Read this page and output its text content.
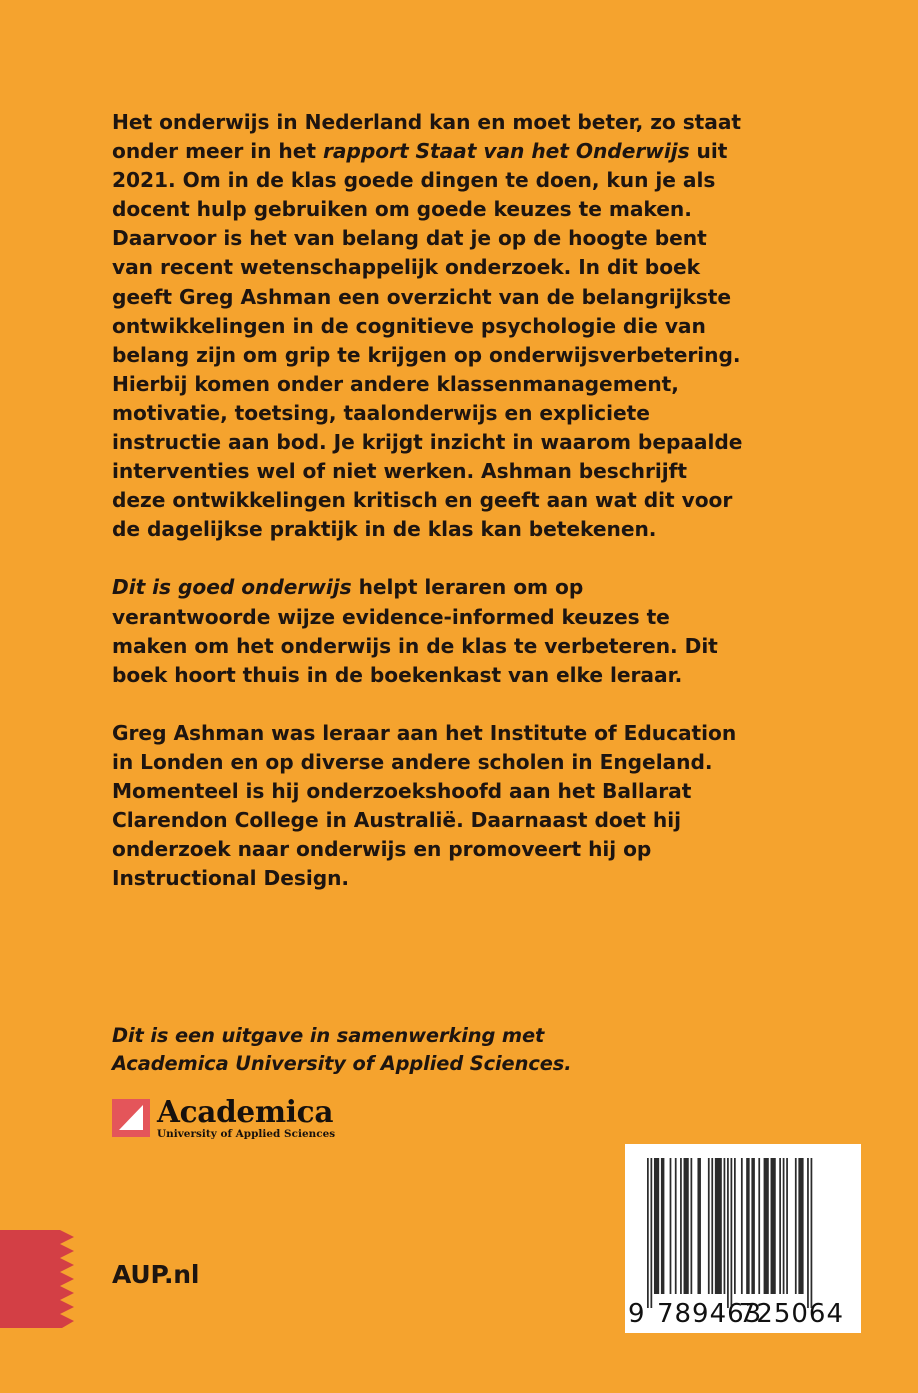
Het onderwijs in Nederland kan en moet beter, zo staat onder meer in het rapport Staat van het Onderwijs uit 2021. Om in de klas goede dingen te doen, kun je als docent hulp gebruiken om goede keuzes te maken. Daarvoor is het van belang dat je op de hoogte bent van recent wetenschappelijk onderzoek. In dit boek geeft Greg Ashman een overzicht van de belangrijkste ontwikkelingen in de cognitieve psychologie die van belang zijn om grip te krijgen op onderwijsverbetering. Hierbij komen onder andere klassenmanagement, motivatie, toetsing, taalonderwijs en expliciete instructie aan bod. Je krijgt inzicht in waarom bepaalde interventies wel of niet werken. Ashman beschrijft deze ontwikkelingen kritisch en geeft aan wat dit voor de dagelijkse praktijk in de klas kan betekenen.

Dit is goed onderwijs helpt leraren om op verantwoorde wijze evidence-informed keuzes te maken om het onderwijs in de klas te verbeteren. Dit boek hoort thuis in de boekenkast van elke leraar.

Greg Ashman was leraar aan het Institute of Education in Londen en op diverse andere scholen in Engeland. Momenteel is hij onderzoekshoofd aan het Ballarat Clarendon College in Australië. Daarnaast doet hij onderzoek naar onderwijs en promoveert hij op Instructional Design.

Dit is een uitgave in samenwerking met
Academica University of Applied Sciences.
Academica
University of Applied Sciences
AUP.nl
9 789463
725064
